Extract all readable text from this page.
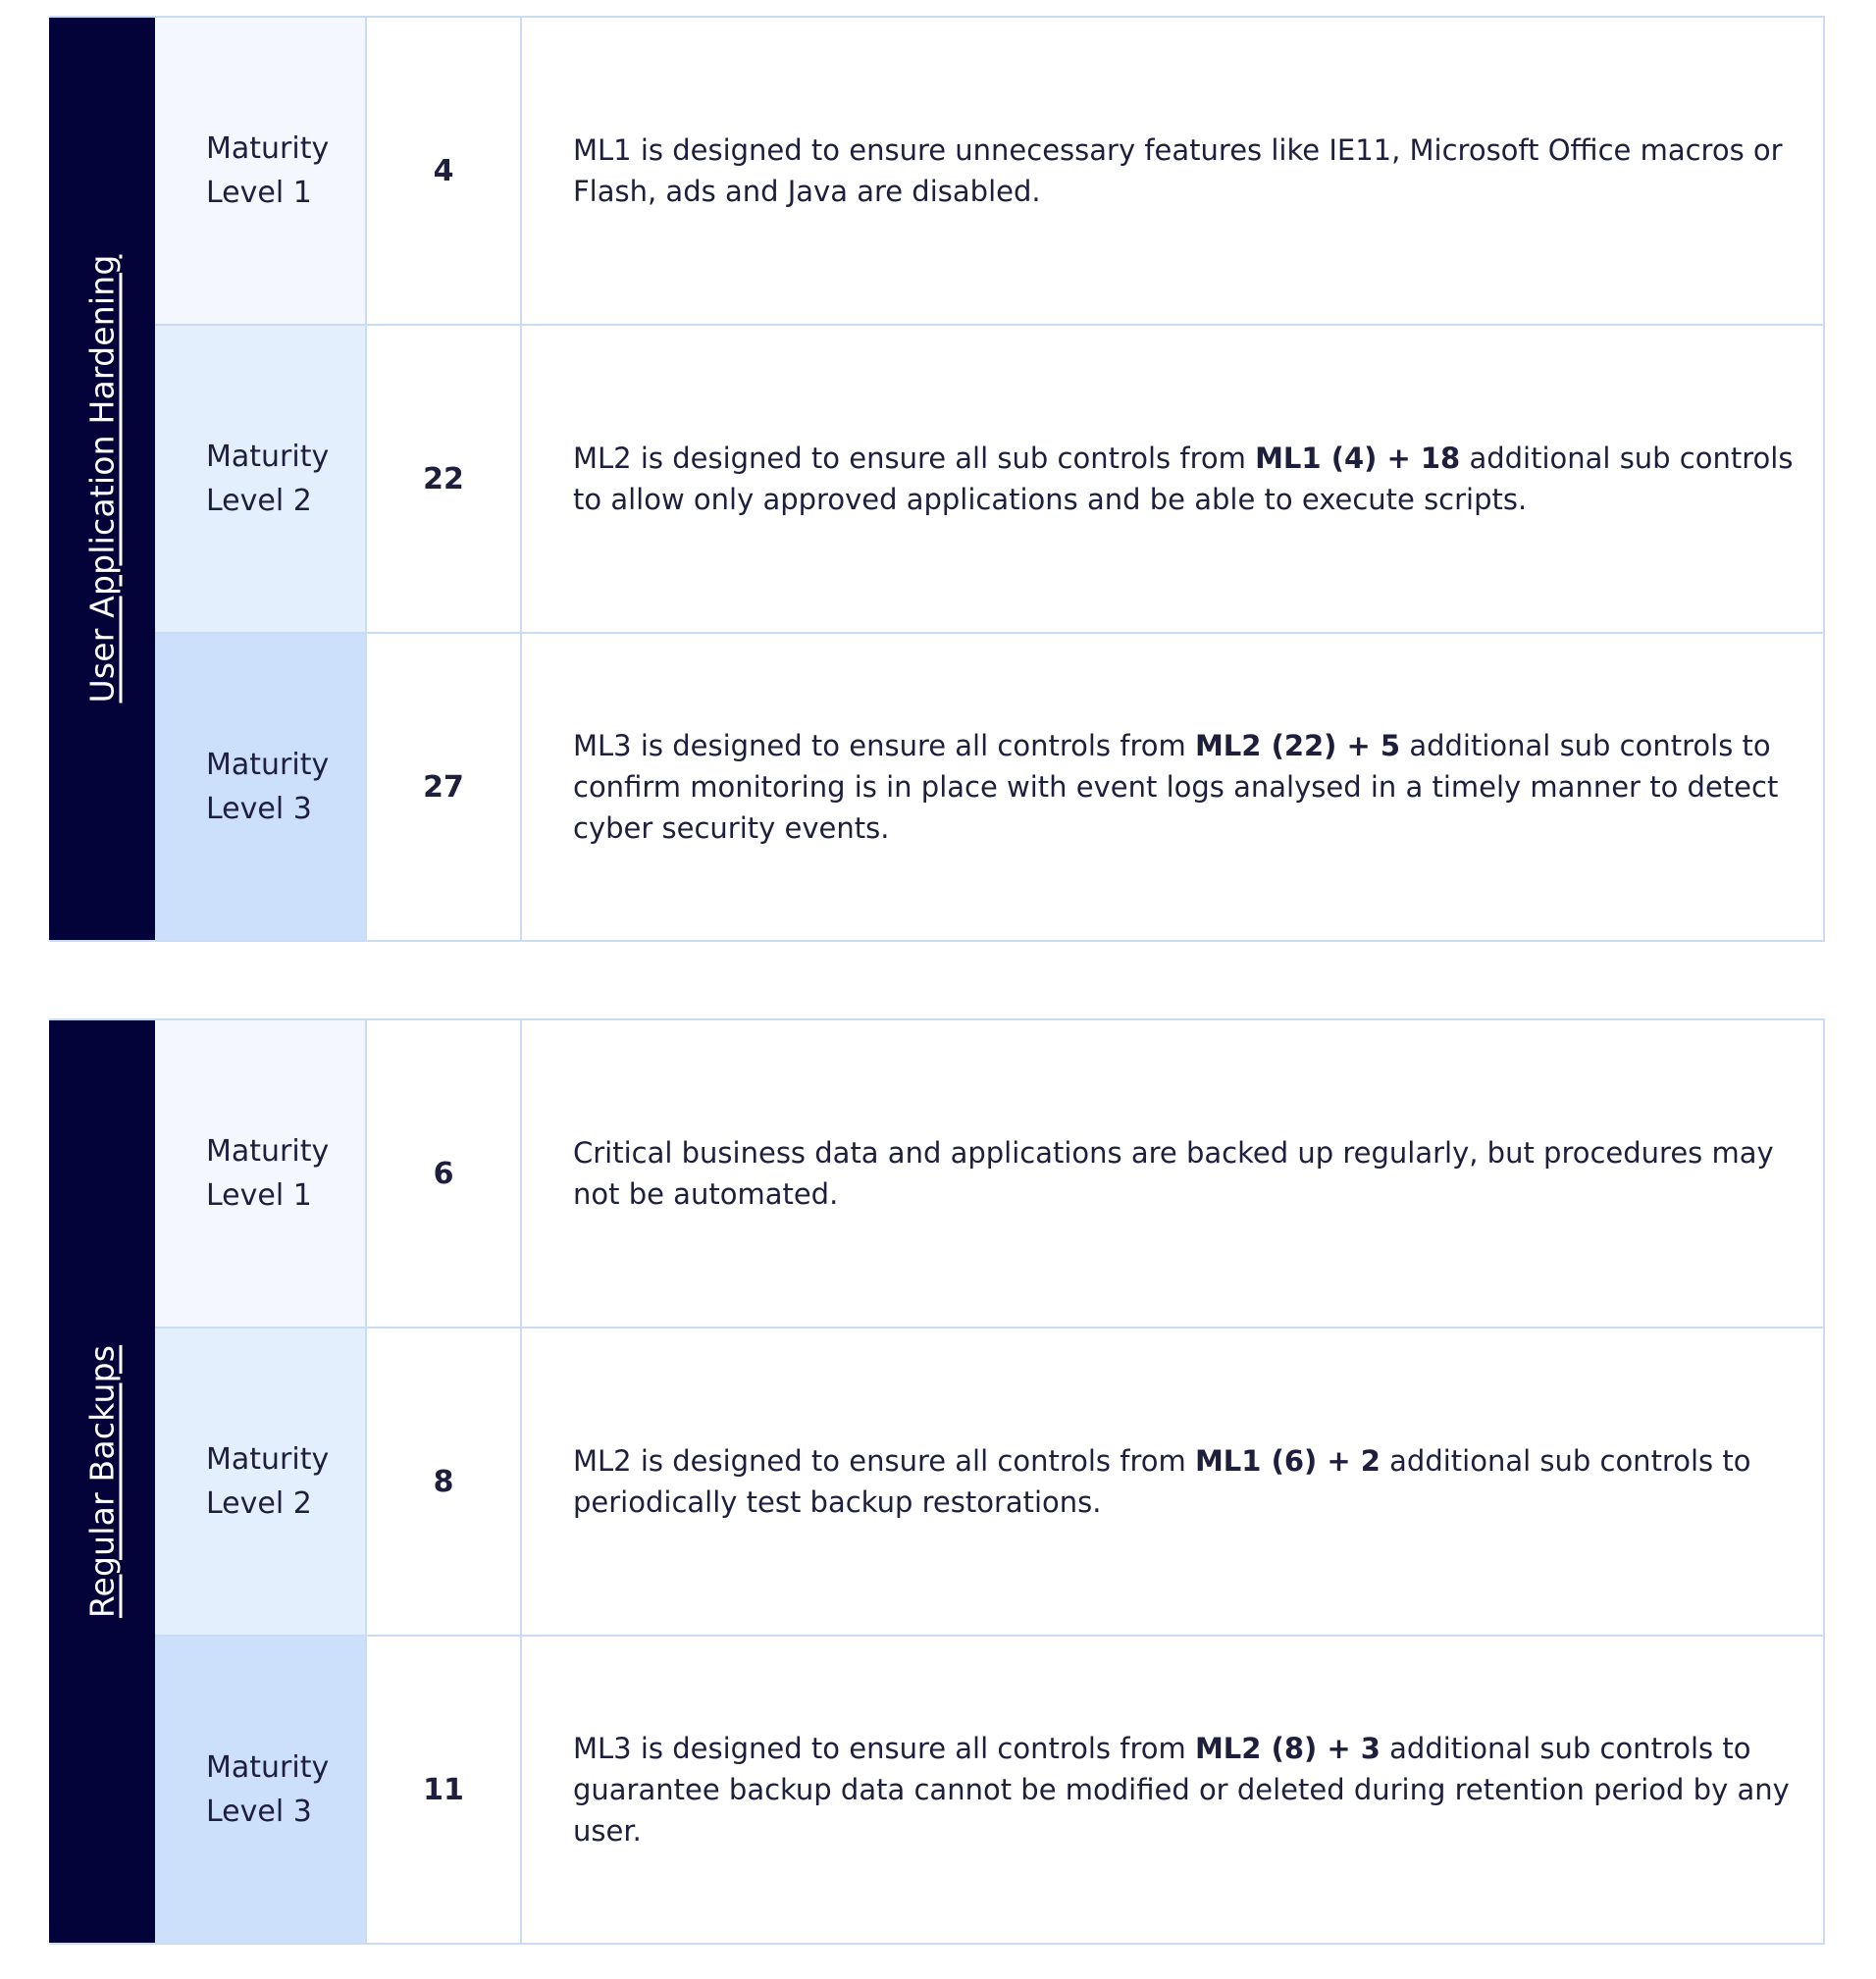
User Application Hardening
Maturity
Level 1
4

ML1 is designed to ensure unnecessary features like IE11, Microsoft Office macros or Flash, ads and Java are disabled.

Maturity
Level 2
22

ML2 is designed to ensure all sub controls from ML1 (4) + 18 additional sub controls to allow only approved applications and be able to execute scripts.

Maturity
Level 3
27

ML3 is designed to ensure all controls from ML2 (22) + 5 additional sub controls to confirm monitoring is in place with event logs analysed in a timely manner to detect cyber security events.

Regular Backups
Maturity
Level 1
6

Critical business data and applications are backed up regularly, but procedures may not be automated.

Maturity
Level 2
8

ML2 is designed to ensure all controls from ML1 (6) + 2 additional sub controls to periodically test backup restorations.

Maturity
Level 3
11

ML3 is designed to ensure all controls from ML2 (8) + 3 additional sub controls to guarantee backup data cannot be modified or deleted during retention period by any user.
